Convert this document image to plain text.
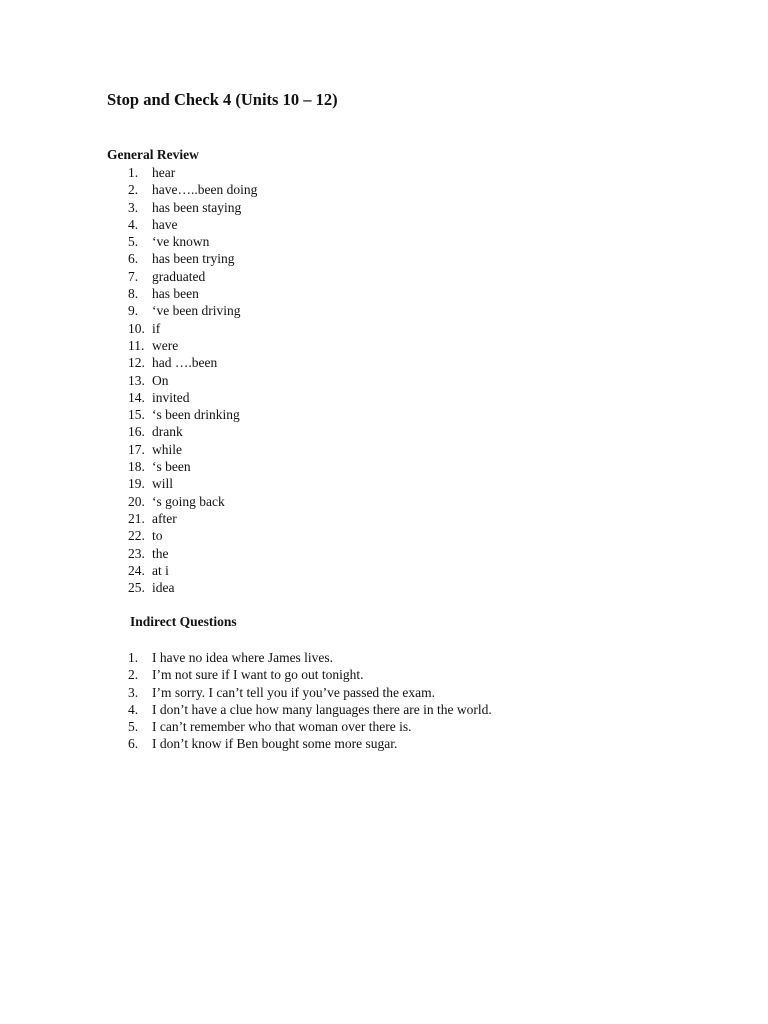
Stop and Check 4 (Units 10 – 12)
General Review
1. hear
2. have…..been doing
3. has been staying
4. have
5. ‘ve known
6. has been trying
7. graduated
8. has been
9. ‘ve been driving
10. if
11. were
12. had ….been
13. On
14. invited
15. ‘s been drinking
16. drank
17. while
18. ‘s been
19. will
20. ‘s going back
21. after
22. to
23. the
24. at i
25. idea
Indirect Questions
1. I have no idea where James lives.
2. I’m not sure if I want to go out tonight.
3. I’m sorry. I can’t tell you if you’ve passed the exam.
4. I don’t have a clue how many languages there are in the world.
5. I can’t remember who that woman over there is.
6. I don’t know if Ben bought some more sugar.
